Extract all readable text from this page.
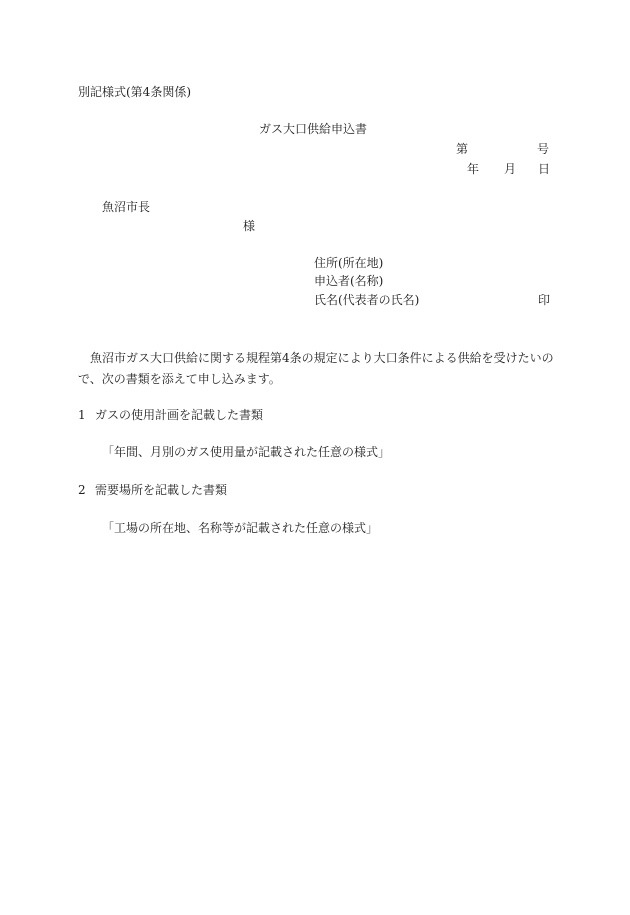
別記様式(第4条関係)
ガス大口供給申込書
第	号
年 月 日
魚沼市長
様
住所(所在地)
申込者(名称)
氏名(代表者の氏名)	印
魚沼市ガス大口供給に関する規程第4条の規定により大口条件による供給を受けたいので、次の書類を添えて申し込みます。
1 ガスの使用計画を記載した書類
「年間、月別のガス使用量が記載された任意の様式」
2 需要場所を記載した書類
「工場の所在地、名称等が記載された任意の様式」
